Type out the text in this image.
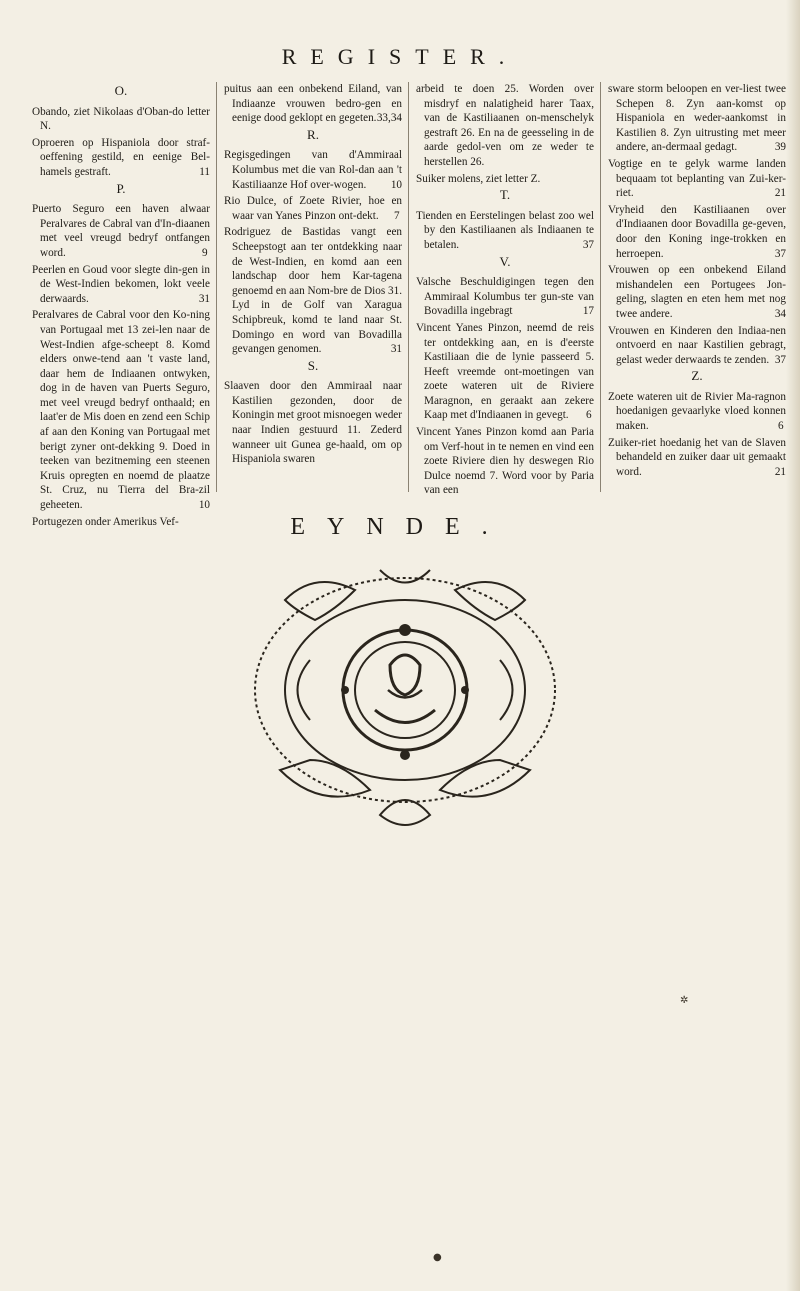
REGISTER.
O.
Obando, ziet Nikolaas d'Oban-do letter N.
Oproeren op Hispaniola door straf-oeffening gestild, en eenige Bel-hamels gestraft.	11
P.
Puerto Seguro een haven alwaar Peralvares de Cabral van d'In-diaanen met veel vreugd bedryf ontfangen word.	9
Peerlen en Goud voor slegte din-gen in de West-Indien bekomen, lokt veele derwaards.	31
Peralvares de Cabral voor den Ko-ning van Portugaal met 13 zei-len naar de West-Indien afge-scheept 8. Komd elders onwe-tend aan 't vaste land, daar hem de Indiaanen ontwyken, dog in de haven van Puerts Seguro, met veel vreugd bedryf onthaald; en laat'er de Mis doen en zend een Schip af aan den Koning van Portugaal met berigt zyner ont-dekking 9. Doed in teeken van bezitneming een steenen Kruis opregten en noemd de plaatze St. Cruz, nu Tierra del Bra-zil geheeten.	10
Portugezen onder Amerikus Vef-
puitus aan een onbekend Eiland, van Indiaanze vrouwen bedro-gen en eenige dood geklopt en gegeten. 33,34
R.
Regisgedingen van d'Ammiraal Kolumbus met die van Rol-dan aan 't Kastiliaanze Hof over-wogen. 10
Rio Dulce, of Zoete Rivier, hoe en waar van Yanes Pinzon ont-dekt. 7
Rodriguez de Bastidas vangt een Scheepstogt aan ter ontdekking naar de West-Indien, en komd aan een landschap door hem Kar-tagena genoemd en aan Nom-bre de Dios 31. Lyd in de Golf van Xaragua Schipbreuk, komd te land naar St. Domingo en word van Bovadilla gevangen genomen.	31
S.
Slaaven door den Ammiraal naar Kastilien gezonden, door de Koningin met groot misnoegen weder naar Indien gestuurd 11. Zederd wanneer uit Gunea ge-haald, om op Hispaniola swaren
arbeid te doen 25. Worden over misdryf en nalatigheid harer Taax, van de Kastiliaanen on-menschelyk gestraft 26. En na de geesseling in de aarde gedol-ven om ze weder te herstellen 26.
Suiker molens, ziet letter Z.
T.
Tienden en Eerstelingen belast zoo wel by den Kastiliaanen als Indiaanen te betalen.	37
V.
Valsche Beschuldigingen tegen den Ammiraal Kolumbus ter gun-ste van Bovadilla ingebragt	17
Vincent Yanes Pinzon, neemd de reis ter ontdekking aan, en is d'eerste Kastiliaan die de lynie passeerd 5. Heeft vreemde ont-moetingen van zoete wateren uit de Riviere Maragnon, en geraakt aan zekere Kaap met d'Indiaanen in gevegt. 6
Vincent Yanes Pinzon komd aan Paria om Verf-hout in te nemen en vind een zoete Riviere dien hy deswegen Rio Dulce noemd 7. Word voor by Paria van een
sware storm beloopen en ver-liest twee Schepen 8. Zyn aan-komst op Hispaniola en weder-aankomst in Kastilien 8. Zyn uitrusting met meer andere, an-dermaal gedagt.	39
Vogtige en te gelyk warme landen bequaam tot beplanting van Zui-ker-riet.	21
Vryheid den Kastiliaanen over d'Indiaanen door Bovadilla ge-geven, door den Koning inge-trokken en herroepen.	37
Vrouwen op een onbekend Eiland mishandelen een Portugees Jon-geling, slagten en eten hem met nog twee andere.	34
Vrouwen en Kinderen den Indiaa-nen ontvoerd en naar Kastilien gebragt, gelast weder derwaards te zenden. 37
Z.
Zoete wateren uit de Rivier Ma-ragnon hoedanigen gevaarlyke vloed konnen maken.	6
Zuiker-riet hoedanig het van de Slaven behandeld en zuiker daar uit gemaakt word.	21
EYNDE.
✲
●
